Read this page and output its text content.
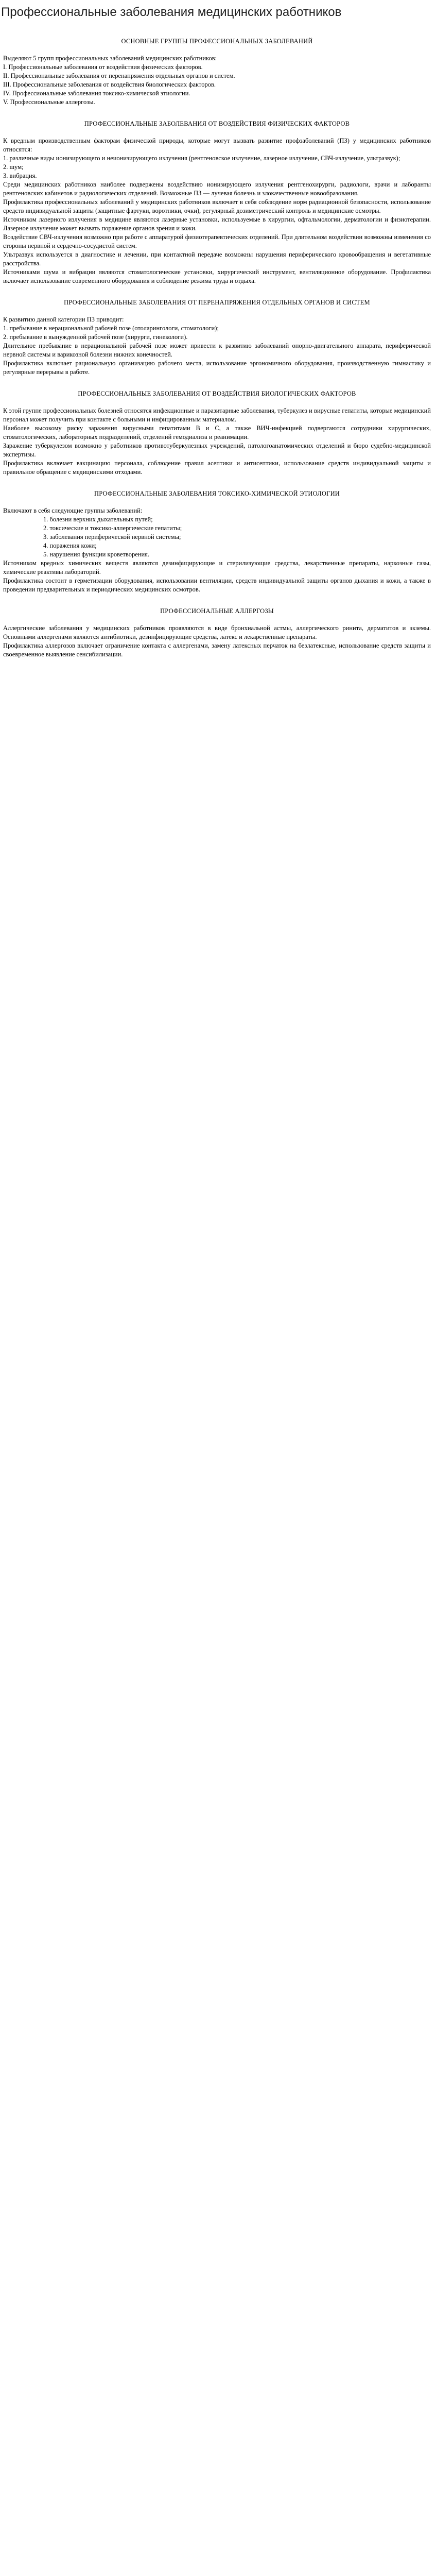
Профессиональные заболевания медицинских работников

ОСНОВНЫЕ ГРУППЫ ПРОФЕССИОНАЛЬНЫХ ЗАБОЛЕВАНИЙ

Выделяют 5 групп профессиональных заболеваний медицинских работников:

I. Профессиональные заболевания от воздействия физических факторов.

II. Профессиональные заболевания от перенапряжения отдельных органов и систем.

III. Профессиональные заболевания от воздействия биологических факторов.

IV. Профессиональные заболевания токсико-химической этиологии.

V. Профессиональные аллергозы.

ПРОФЕССИОНАЛЬНЫЕ ЗАБОЛЕВАНИЯ ОТ ВОЗДЕЙСТВИЯ ФИЗИЧЕСКИХ ФАКТОРОВ

К вредным производственным факторам физической природы, которые могут вызвать развитие профзаболеваний (ПЗ) у медицинских работников относятся:

1. различные виды ионизирующего и неионизирующего излучения (рентгеновское излучение, лазерное излучение, СВЧ-излучение, ультразвук);

2. шум;

3. вибрация.

Среди медицинских работников наиболее подвержены воздействию ионизирующего излучения рентгенохирурги, радиологи, врачи и лаборанты рентгеновских кабинетов и радиологических отделений. Возможные ПЗ — лучевая болезнь и злокачественные новообразования.

Профилактика профессиональных заболеваний у медицинских работников включает в себя соблюдение норм радиационной безопасности, использование средств индивидуальной защиты (защитные фартуки, воротники, очки), регулярный дозиметрический контроль и медицинские осмотры.

Источником лазерного излучения в медицине являются лазерные установки, используемые в хирургии, офтальмологии, дерматологии и физиотерапии. Лазерное излучение может вызвать поражение органов зрения и кожи.

Воздействие СВЧ-излучения возможно при работе с аппаратурой физиотерапевтических отделений. При длительном воздействии возможны изменения со стороны нервной и сердечно-сосудистой систем.

Ультразвук используется в диагностике и лечении, при контактной передаче возможны нарушения периферического кровообращения и вегетативные расстройства.

Источниками шума и вибрации являются стоматологические установки, хирургический инструмент, вентиляционное оборудование. Профилактика включает использование современного оборудования и соблюдение режима труда и отдыха.

ПРОФЕССИОНАЛЬНЫЕ ЗАБОЛЕВАНИЯ ОТ ПЕРЕНАПРЯЖЕНИЯ ОТДЕЛЬНЫХ ОРГАНОВ И СИСТЕМ

К развитию данной категории ПЗ приводит:

1. пребывание в нерациональной рабочей позе (отоларингологи, стоматологи);

2. пребывание в вынужденной рабочей позе (хирурги, гинекологи).

Длительное пребывание в нерациональной рабочей позе может привести к развитию заболеваний опорно-двигательного аппарата, периферической нервной системы и варикозной болезни нижних конечностей.

Профилактика включает рациональную организацию рабочего места, использование эргономичного оборудования, производственную гимнастику и регулярные перерывы в работе.

ПРОФЕССИОНАЛЬНЫЕ ЗАБОЛЕВАНИЯ ОТ ВОЗДЕЙСТВИЯ БИОЛОГИЧЕСКИХ ФАКТОРОВ

К этой группе профессиональных болезней относятся инфекционные и паразитарные заболевания, туберкулез и вирусные гепатиты, которые медицинский персонал может получить при контакте с больными и инфицированным материалом.

Наиболее высокому риску заражения вирусными гепатитами В и С, а также ВИЧ-инфекцией подвергаются сотрудники хирургических, стоматологических, лабораторных подразделений, отделений гемодиализа и реанимации.

Заражение туберкулезом возможно у работников противотуберкулезных учреждений, патологоанатомических отделений и бюро судебно-медицинской экспертизы.

Профилактика включает вакцинацию персонала, соблюдение правил асептики и антисептики, использование средств индивидуальной защиты и правильное обращение с медицинскими отходами.

ПРОФЕССИОНАЛЬНЫЕ ЗАБОЛЕВАНИЯ ТОКСИКО-ХИМИЧЕСКОЙ ЭТИОЛОГИИ

Включают в себя следующие группы заболеваний:

1. болезни верхних дыхательных путей;

2. токсические и токсико-аллергические гепатиты;

3. заболевания периферической нервной системы;

4. поражения кожи;

5. нарушения функции кроветворения.

Источником вредных химических веществ являются дезинфицирующие и стерилизующие средства, лекарственные препараты, наркозные газы, химические реактивы лабораторий.

Профилактика состоит в герметизации оборудования, использовании вентиляции, средств индивидуальной защиты органов дыхания и кожи, а также в проведении предварительных и периодических медицинских осмотров.

ПРОФЕССИОНАЛЬНЫЕ АЛЛЕРГОЗЫ

Аллергические заболевания у медицинских работников проявляются в виде бронхиальной астмы, аллергического ринита, дерматитов и экземы. Основными аллергенами являются антибиотики, дезинфицирующие средства, латекс и лекарственные препараты.

Профилактика аллергозов включает ограничение контакта с аллергенами, замену латексных перчаток на безлатексные, использование средств защиты и своевременное выявление сенсибилизации.
